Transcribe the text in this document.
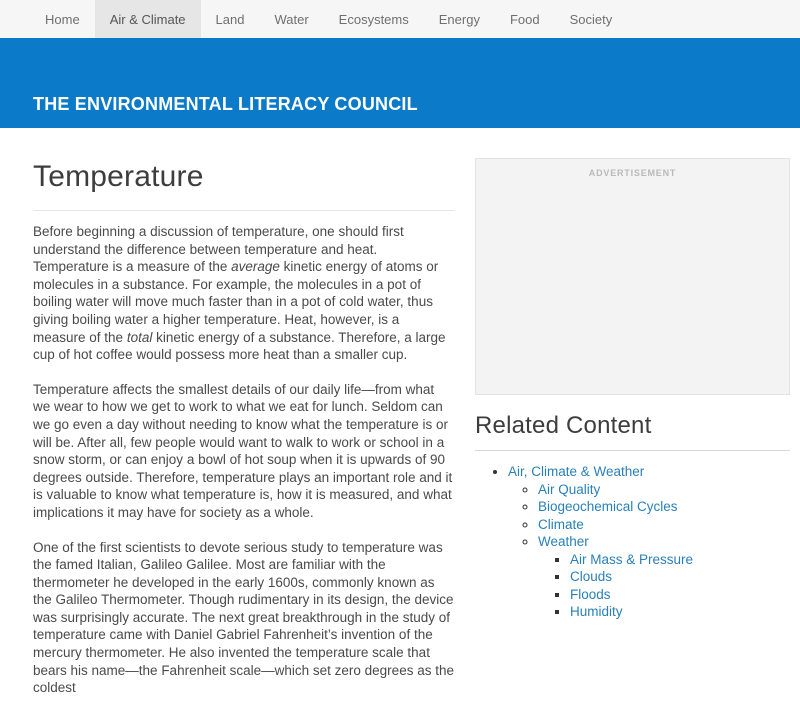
Home	Air & Climate	Land	Water	Ecosystems	Energy	Food	Society
THE ENVIRONMENTAL LITERACY COUNCIL
Temperature

Before beginning a discussion of temperature, one should first understand the difference between temperature and heat. Temperature is a measure of the average kinetic energy of atoms or molecules in a substance. For example, the molecules in a pot of boiling water will move much faster than in a pot of cold water, thus giving boiling water a higher temperature. Heat, however, is a measure of the total kinetic energy of a substance. Therefore, a large cup of hot coffee would possess more heat than a smaller cup.

Temperature affects the smallest details of our daily life—from what we wear to how we get to work to what we eat for lunch. Seldom can we go even a day without needing to know what the temperature is or will be. After all, few people would want to walk to work or school in a snow storm, or can enjoy a bowl of hot soup when it is upwards of 90 degrees outside. Therefore, temperature plays an important role and it is valuable to know what temperature is, how it is measured, and what implications it may have for society as a whole.

One of the first scientists to devote serious study to temperature was the famed Italian, Galileo Galilee. Most are familiar with the thermometer he developed in the early 1600s, commonly known as the Galileo Thermometer. Though rudimentary in its design, the device was surprisingly accurate. The next great breakthrough in the study of temperature came with Daniel Gabriel Fahrenheit’s invention of the mercury thermometer. He also invented the temperature scale that bears his name—the Fahrenheit scale—which set zero degrees as the coldest

ADVERTISEMENT
Related Content
• Air, Climate & Weather
◦ Air Quality
◦ Biogeochemical Cycles
◦ Climate
◦ Weather
▪ Air Mass & Pressure
▪ Clouds
▪ Floods
▪ Humidity
